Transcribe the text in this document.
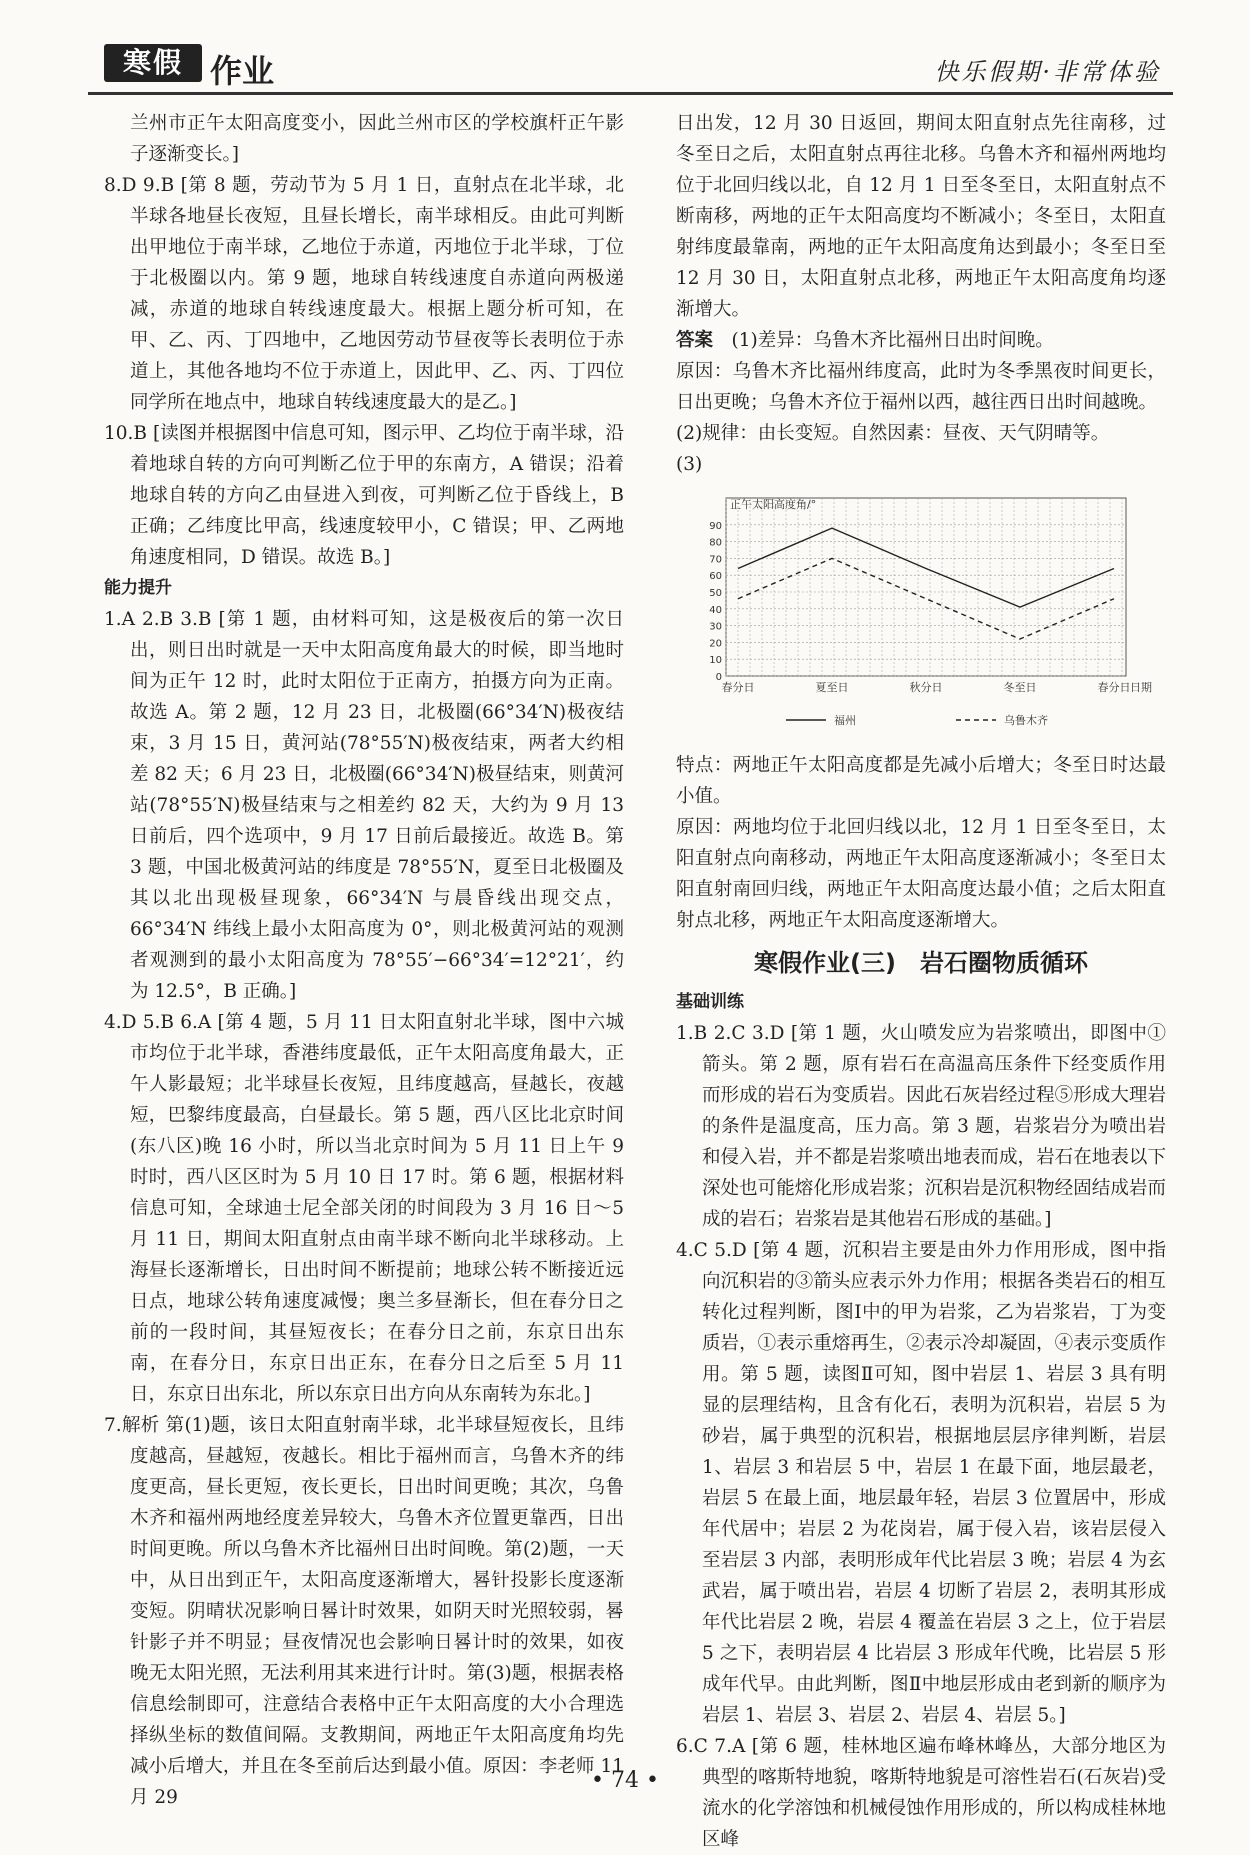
寒假 作业	快乐假期·非常体验

兰州市正午太阳高度变小，因此兰州市区的学校旗杆正午影子逐渐变长。]

8.D 9.B [第 8 题，劳动节为 5 月 1 日，直射点在北半球，北半球各地昼长夜短，且昼长增长，南半球相反。由此可判断出甲地位于南半球，乙地位于赤道，丙地位于北半球，丁位于北极圈以内。第 9 题，地球自转线速度自赤道向两极递减，赤道的地球自转线速度最大。根据上题分析可知，在甲、乙、丙、丁四地中，乙地因劳动节昼夜等长表明位于赤道上，其他各地均不位于赤道上，因此甲、乙、丙、丁四位同学所在地点中，地球自转线速度最大的是乙。]

10.B [读图并根据图中信息可知，图示甲、乙均位于南半球，沿着地球自转的方向可判断乙位于甲的东南方，A 错误；沿着地球自转的方向乙由昼进入到夜，可判断乙位于昏线上，B 正确；乙纬度比甲高，线速度较甲小，C 错误；甲、乙两地角速度相同，D 错误。故选 B。]

能力提升

1.A 2.B 3.B [第 1 题，由材料可知，这是极夜后的第一次日出，则日出时就是一天中太阳高度角最大的时候，即当地时间为正午 12 时，此时太阳位于正南方，拍摄方向为正南。故选 A。第 2 题，12 月 23 日，北极圈(66°34′N)极夜结束，3 月 15 日，黄河站(78°55′N)极夜结束，两者大约相差 82 天；6 月 23 日，北极圈(66°34′N)极昼结束，则黄河站(78°55′N)极昼结束与之相差约 82 天，大约为 9 月 13 日前后，四个选项中，9 月 17 日前后最接近。故选 B。第 3 题，中国北极黄河站的纬度是 78°55′N，夏至日北极圈及其以北出现极昼现象，66°34′N 与晨昏线出现交点，66°34′N 纬线上最小太阳高度为 0°，则北极黄河站的观测者观测到的最小太阳高度为 78°55′−66°34′=12°21′，约为 12.5°，B 正确。]

4.D 5.B 6.A [第 4 题，5 月 11 日太阳直射北半球，图中六城市均位于北半球，香港纬度最低，正午太阳高度角最大，正午人影最短；北半球昼长夜短，且纬度越高，昼越长，夜越短，巴黎纬度最高，白昼最长。第 5 题，西八区比北京时间(东八区)晚 16 小时，所以当北京时间为 5 月 11 日上午 9 时时，西八区区时为 5 月 10 日 17 时。第 6 题，根据材料信息可知，全球迪士尼全部关闭的时间段为 3 月 16 日～5 月 11 日，期间太阳直射点由南半球不断向北半球移动。上海昼长逐渐增长，日出时间不断提前；地球公转不断接近远日点，地球公转角速度减慢；奥兰多昼渐长，但在春分日之前的一段时间，其昼短夜长；在春分日之前，东京日出东南，在春分日，东京日出正东，在春分日之后至 5 月 11 日，东京日出东北，所以东京日出方向从东南转为东北。]

7.解析 第(1)题，该日太阳直射南半球，北半球昼短夜长，且纬度越高，昼越短，夜越长。相比于福州而言，乌鲁木齐的纬度更高，昼长更短，夜长更长，日出时间更晚；其次，乌鲁木齐和福州两地经度差异较大，乌鲁木齐位置更靠西，日出时间更晚。所以乌鲁木齐比福州日出时间晚。第(2)题，一天中，从日出到正午，太阳高度逐渐增大，晷针投影长度逐渐变短。阴晴状况影响日晷计时效果，如阴天时光照较弱，晷针影子并不明显；昼夜情况也会影响日晷计时的效果，如夜晚无太阳光照，无法利用其来进行计时。第(3)题，根据表格信息绘制即可，注意结合表格中正午太阳高度的大小合理选择纵坐标的数值间隔。支教期间，两地正午太阳高度角均先减小后增大，并且在冬至前后达到最小值。原因：李老师 11 月 29

日出发，12 月 30 日返回，期间太阳直射点先往南移，过冬至日之后，太阳直射点再往北移。乌鲁木齐和福州两地均位于北回归线以北，自 12 月 1 日至冬至日，太阳直射点不断南移，两地的正午太阳高度均不断减小；冬至日，太阳直射纬度最靠南，两地的正午太阳高度角达到最小；冬至日至 12 月 30 日，太阳直射点北移，两地正午太阳高度角均逐渐增大。

答案　 (1)差异：乌鲁木齐比福州日出时间晚。

原因：乌鲁木齐比福州纬度高，此时为冬季黑夜时间更长，日出更晚；乌鲁木齐位于福州以西，越往西日出时间越晚。

(2)规律：由长变短。自然因素：昼夜、天气阴晴等。

(3)

0
10
20
30
40
50
60
70
80
90
正午太阳高度角/°
春分日	夏至日	秋分日	冬至日	春分日 日期
福州	乌鲁木齐

特点：两地正午太阳高度都是先减小后增大；冬至日时达最小值。

原因：两地均位于北回归线以北，12 月 1 日至冬至日，太阳直射点向南移动，两地正午太阳高度逐渐减小；冬至日太阳直射南回归线，两地正午太阳高度达最小值；之后太阳直射点北移，两地正午太阳高度逐渐增大。

寒假作业(三)　岩石圈物质循环

基础训练

1.B 2.C 3.D [第 1 题，火山喷发应为岩浆喷出，即图中①箭头。第 2 题，原有岩石在高温高压条件下经变质作用而形成的岩石为变质岩。因此石灰岩经过程⑤形成大理岩的条件是温度高，压力高。第 3 题，岩浆岩分为喷出岩和侵入岩，并不都是岩浆喷出地表而成，岩石在地表以下深处也可能熔化形成岩浆；沉积岩是沉积物经固结成岩而成的岩石；岩浆岩是其他岩石形成的基础。]

4.C 5.D [第 4 题，沉积岩主要是由外力作用形成，图中指向沉积岩的③箭头应表示外力作用；根据各类岩石的相互转化过程判断，图Ⅰ中的甲为岩浆，乙为岩浆岩，丁为变质岩，①表示重熔再生，②表示冷却凝固，④表示变质作用。第 5 题，读图Ⅱ可知，图中岩层 1、岩层 3 具有明显的层理结构，且含有化石，表明为沉积岩，岩层 5 为砂岩，属于典型的沉积岩，根据地层层序律判断，岩层 1、岩层 3 和岩层 5 中，岩层 1 在最下面，地层最老，岩层 5 在最上面，地层最年轻，岩层 3 位置居中，形成年代居中；岩层 2 为花岗岩，属于侵入岩，该岩层侵入至岩层 3 内部，表明形成年代比岩层 3 晚；岩层 4 为玄武岩，属于喷出岩，岩层 4 切断了岩层 2，表明其形成年代比岩层 2 晚，岩层 4 覆盖在岩层 3 之上，位于岩层 5 之下，表明岩层 4 比岩层 3 形成年代晚，比岩层 5 形成年代早。由此判断，图Ⅱ中地层形成由老到新的顺序为岩层 1、岩层 3、岩层 2、岩层 4、岩层 5。]

6.C 7.A [第 6 题，桂林地区遍布峰林峰丛，大部分地区为典型的喀斯特地貌，喀斯特地貌是可溶性岩石(石灰岩)受流水的化学溶蚀和机械侵蚀作用形成的，所以构成桂林地区峰

• 74 •
